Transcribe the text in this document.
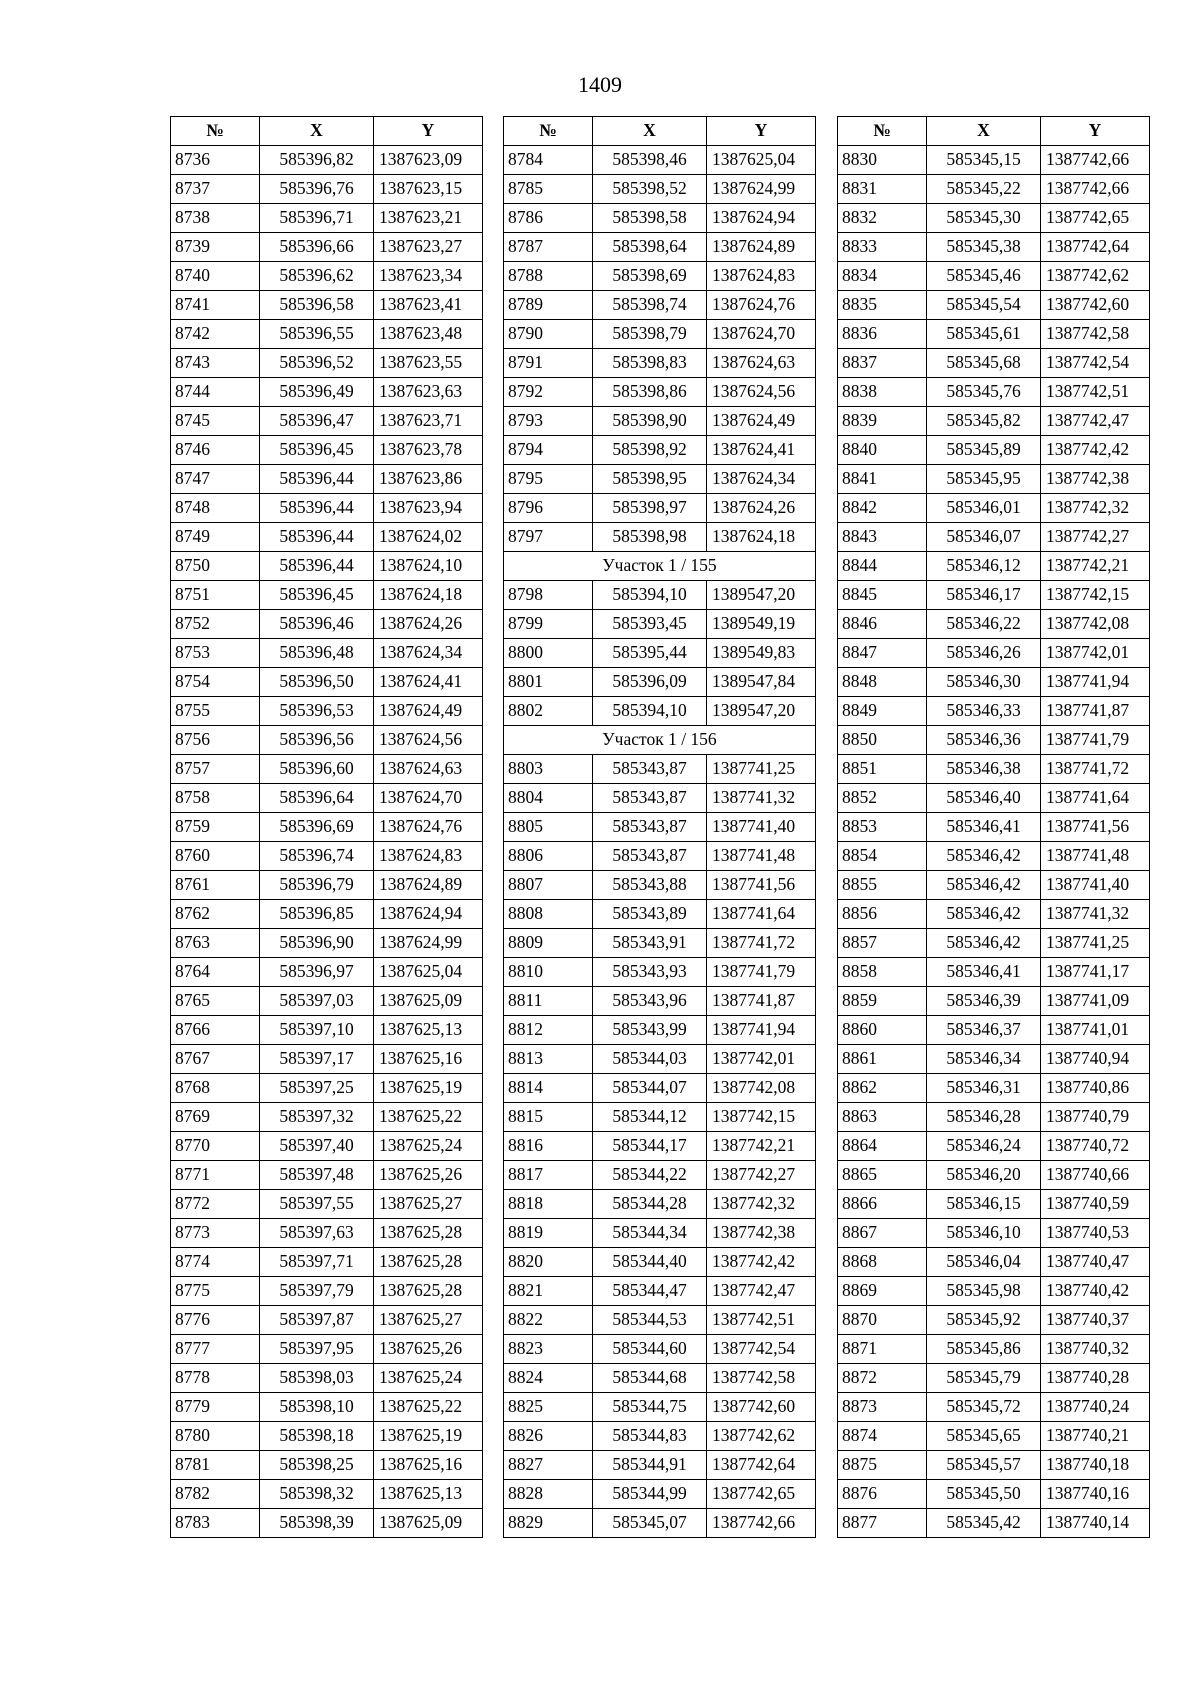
1409
№	X	Y
8736	585396,82	1387623,09
8737	585396,76	1387623,15
8738	585396,71	1387623,21
8739	585396,66	1387623,27
8740	585396,62	1387623,34
8741	585396,58	1387623,41
8742	585396,55	1387623,48
8743	585396,52	1387623,55
8744	585396,49	1387623,63
8745	585396,47	1387623,71
8746	585396,45	1387623,78
8747	585396,44	1387623,86
8748	585396,44	1387623,94
8749	585396,44	1387624,02
8750	585396,44	1387624,10
8751	585396,45	1387624,18
8752	585396,46	1387624,26
8753	585396,48	1387624,34
8754	585396,50	1387624,41
8755	585396,53	1387624,49
8756	585396,56	1387624,56
8757	585396,60	1387624,63
8758	585396,64	1387624,70
8759	585396,69	1387624,76
8760	585396,74	1387624,83
8761	585396,79	1387624,89
8762	585396,85	1387624,94
8763	585396,90	1387624,99
8764	585396,97	1387625,04
8765	585397,03	1387625,09
8766	585397,10	1387625,13
8767	585397,17	1387625,16
8768	585397,25	1387625,19
8769	585397,32	1387625,22
8770	585397,40	1387625,24
8771	585397,48	1387625,26
8772	585397,55	1387625,27
8773	585397,63	1387625,28
8774	585397,71	1387625,28
8775	585397,79	1387625,28
8776	585397,87	1387625,27
8777	585397,95	1387625,26
8778	585398,03	1387625,24
8779	585398,10	1387625,22
8780	585398,18	1387625,19
8781	585398,25	1387625,16
8782	585398,32	1387625,13
8783	585398,39	1387625,09
№	X	Y
8784	585398,46	1387625,04
8785	585398,52	1387624,99
8786	585398,58	1387624,94
8787	585398,64	1387624,89
8788	585398,69	1387624,83
8789	585398,74	1387624,76
8790	585398,79	1387624,70
8791	585398,83	1387624,63
8792	585398,86	1387624,56
8793	585398,90	1387624,49
8794	585398,92	1387624,41
8795	585398,95	1387624,34
8796	585398,97	1387624,26
8797	585398,98	1387624,18
Участок 1 / 155		
8798	585394,10	1389547,20
8799	585393,45	1389549,19
8800	585395,44	1389549,83
8801	585396,09	1389547,84
8802	585394,10	1389547,20
Участок 1 / 156		
8803	585343,87	1387741,25
8804	585343,87	1387741,32
8805	585343,87	1387741,40
8806	585343,87	1387741,48
8807	585343,88	1387741,56
8808	585343,89	1387741,64
8809	585343,91	1387741,72
8810	585343,93	1387741,79
8811	585343,96	1387741,87
8812	585343,99	1387741,94
8813	585344,03	1387742,01
8814	585344,07	1387742,08
8815	585344,12	1387742,15
8816	585344,17	1387742,21
8817	585344,22	1387742,27
8818	585344,28	1387742,32
8819	585344,34	1387742,38
8820	585344,40	1387742,42
8821	585344,47	1387742,47
8822	585344,53	1387742,51
8823	585344,60	1387742,54
8824	585344,68	1387742,58
8825	585344,75	1387742,60
8826	585344,83	1387742,62
8827	585344,91	1387742,64
8828	585344,99	1387742,65
8829	585345,07	1387742,66
№	X	Y
8830	585345,15	1387742,66
8831	585345,22	1387742,66
8832	585345,30	1387742,65
8833	585345,38	1387742,64
8834	585345,46	1387742,62
8835	585345,54	1387742,60
8836	585345,61	1387742,58
8837	585345,68	1387742,54
8838	585345,76	1387742,51
8839	585345,82	1387742,47
8840	585345,89	1387742,42
8841	585345,95	1387742,38
8842	585346,01	1387742,32
8843	585346,07	1387742,27
8844	585346,12	1387742,21
8845	585346,17	1387742,15
8846	585346,22	1387742,08
8847	585346,26	1387742,01
8848	585346,30	1387741,94
8849	585346,33	1387741,87
8850	585346,36	1387741,79
8851	585346,38	1387741,72
8852	585346,40	1387741,64
8853	585346,41	1387741,56
8854	585346,42	1387741,48
8855	585346,42	1387741,40
8856	585346,42	1387741,32
8857	585346,42	1387741,25
8858	585346,41	1387741,17
8859	585346,39	1387741,09
8860	585346,37	1387741,01
8861	585346,34	1387740,94
8862	585346,31	1387740,86
8863	585346,28	1387740,79
8864	585346,24	1387740,72
8865	585346,20	1387740,66
8866	585346,15	1387740,59
8867	585346,10	1387740,53
8868	585346,04	1387740,47
8869	585345,98	1387740,42
8870	585345,92	1387740,37
8871	585345,86	1387740,32
8872	585345,79	1387740,28
8873	585345,72	1387740,24
8874	585345,65	1387740,21
8875	585345,57	1387740,18
8876	585345,50	1387740,16
8877	585345,42	1387740,14
